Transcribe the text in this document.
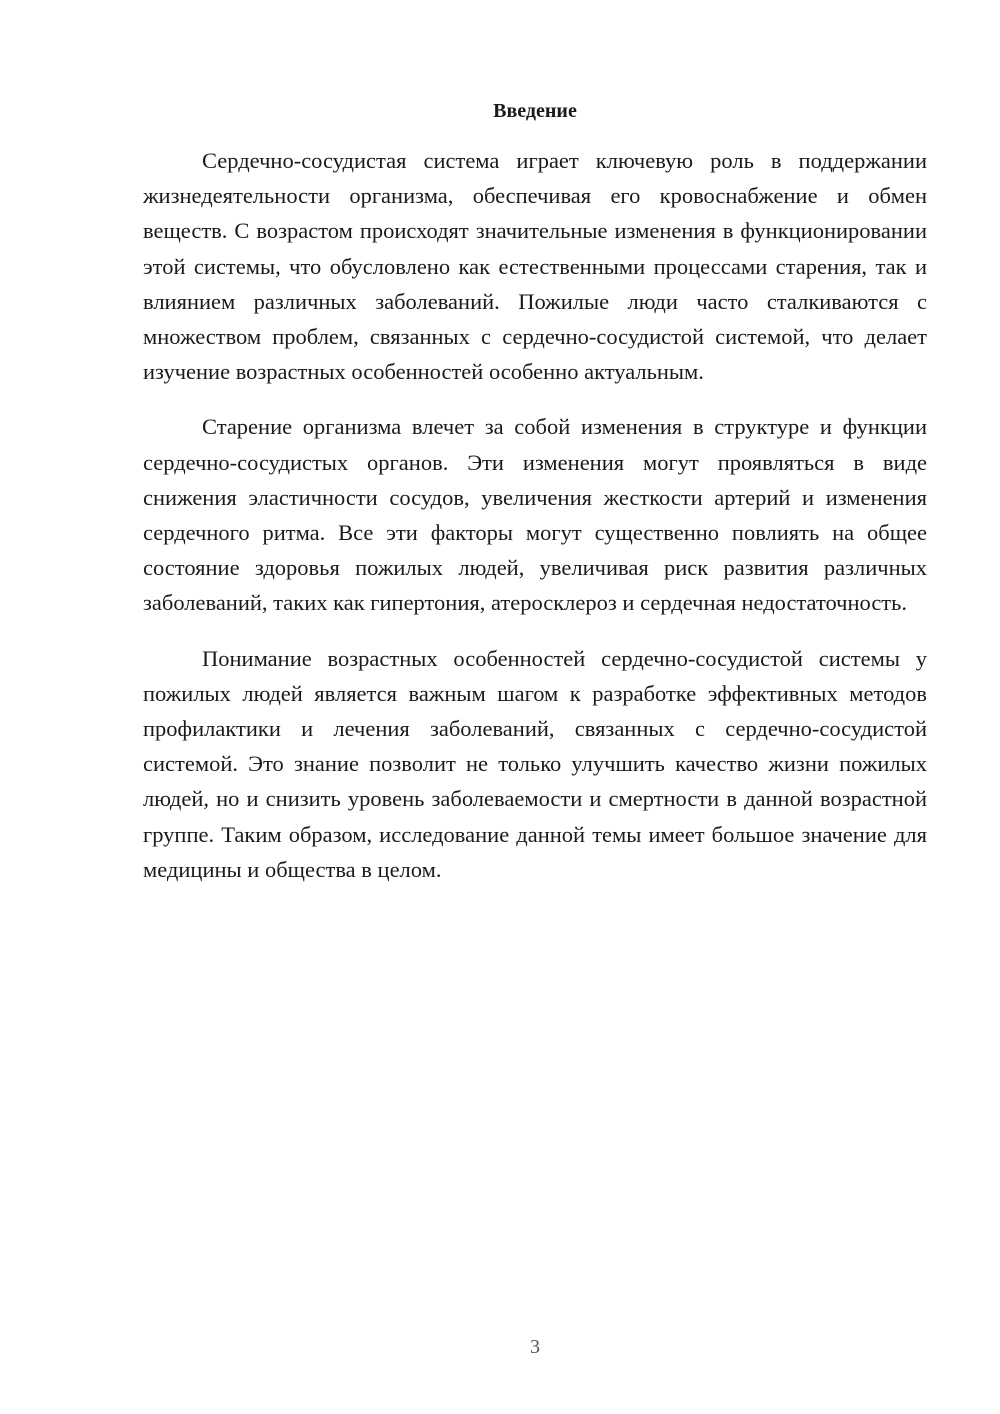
Введение

Сердечно-сосудистая система играет ключевую роль в поддержании жизнедеятельности организма, обеспечивая его кровоснабжение и обмен веществ. С возрастом происходят значительные изменения в функционировании этой системы, что обусловлено как естественными процессами старения, так и влиянием различных заболеваний. Пожилые люди часто сталкиваются с множеством проблем, связанных с сердечно-сосудистой системой, что делает изучение возрастных особенностей особенно актуальным.

Старение организма влечет за собой изменения в структуре и функции сердечно-сосудистых органов. Эти изменения могут проявляться в виде снижения эластичности сосудов, увеличения жесткости артерий и изменения сердечного ритма. Все эти факторы могут существенно повлиять на общее состояние здоровья пожилых людей, увеличивая риск развития различных заболеваний, таких как гипертония, атеросклероз и сердечная недостаточность.

Понимание возрастных особенностей сердечно-сосудистой системы у пожилых людей является важным шагом к разработке эффективных методов профилактики и лечения заболеваний, связанных с сердечно-сосудистой системой. Это знание позволит не только улучшить качество жизни пожилых людей, но и снизить уровень заболеваемости и смертности в данной возрастной группе. Таким образом, исследование данной темы имеет большое значение для медицины и общества в целом.

3
